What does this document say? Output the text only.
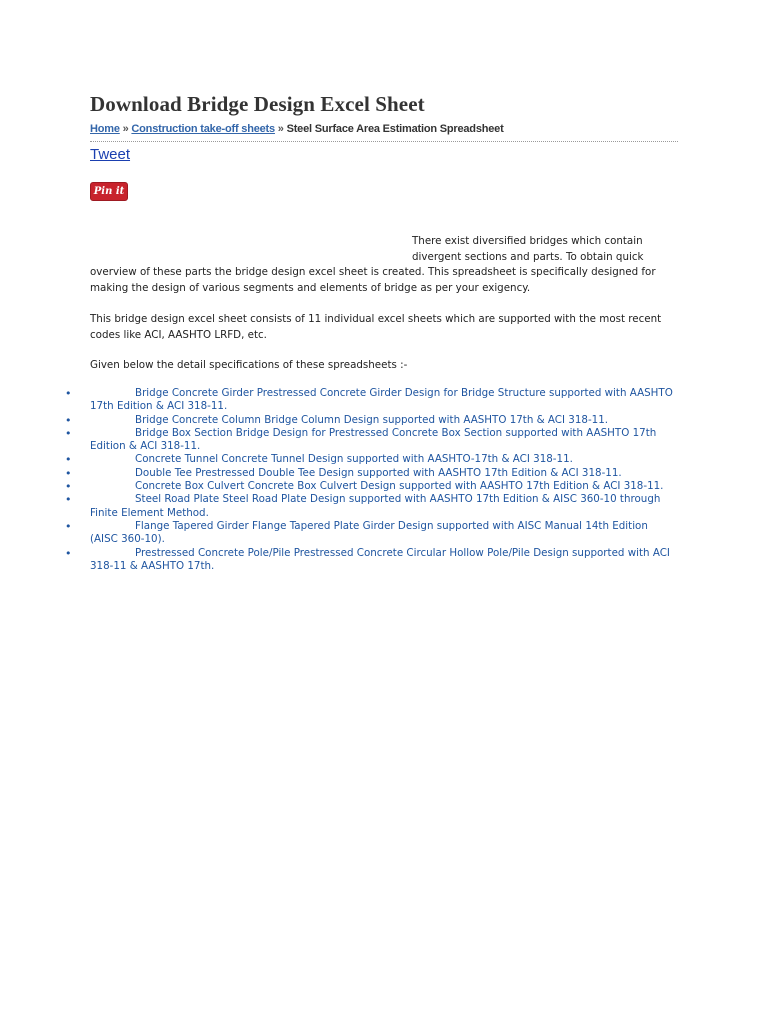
Download Bridge Design Excel Sheet
Home » Construction take-off sheets » Steel Surface Area Estimation Spreadsheet
Tweet
Pin it

There exist diversified bridges which contain divergent sections and parts. To obtain quick

overview of these parts the bridge design excel sheet is created. This spreadsheet is specifically designed for making the design of various segments and elements of bridge as per your exigency.

This bridge design excel sheet consists of 11 individual excel sheets which are supported with the most recent codes like ACI, AASHTO LRFD, etc.

Given below the detail specifications of these spreadsheets :-

•	Bridge Concrete Girder Prestressed Concrete Girder Design for Bridge Structure supported with AASHTO 17th Edition & ACI 318-11.
•	Bridge Concrete Column Bridge Column Design supported with AASHTO 17th & ACI 318-11.
•	Bridge Box Section Bridge Design for Prestressed Concrete Box Section supported with AASHTO 17th Edition & ACI 318-11.
•	Concrete Tunnel Concrete Tunnel Design supported with AASHTO-17th & ACI 318-11.
•	Double Tee Prestressed Double Tee Design supported with AASHTO 17th Edition & ACI 318-11.
•	Concrete Box Culvert Concrete Box Culvert Design supported with AASHTO 17th Edition & ACI 318-11.
•	Steel Road Plate Steel Road Plate Design supported with AASHTO 17th Edition & AISC 360-10 through Finite Element Method.
•	Flange Tapered Girder Flange Tapered Plate Girder Design supported with AISC Manual 14th Edition (AISC 360-10).
•	Prestressed Concrete Pole/Pile Prestressed Concrete Circular Hollow Pole/Pile Design supported with ACI 318-11 & AASHTO 17th.
